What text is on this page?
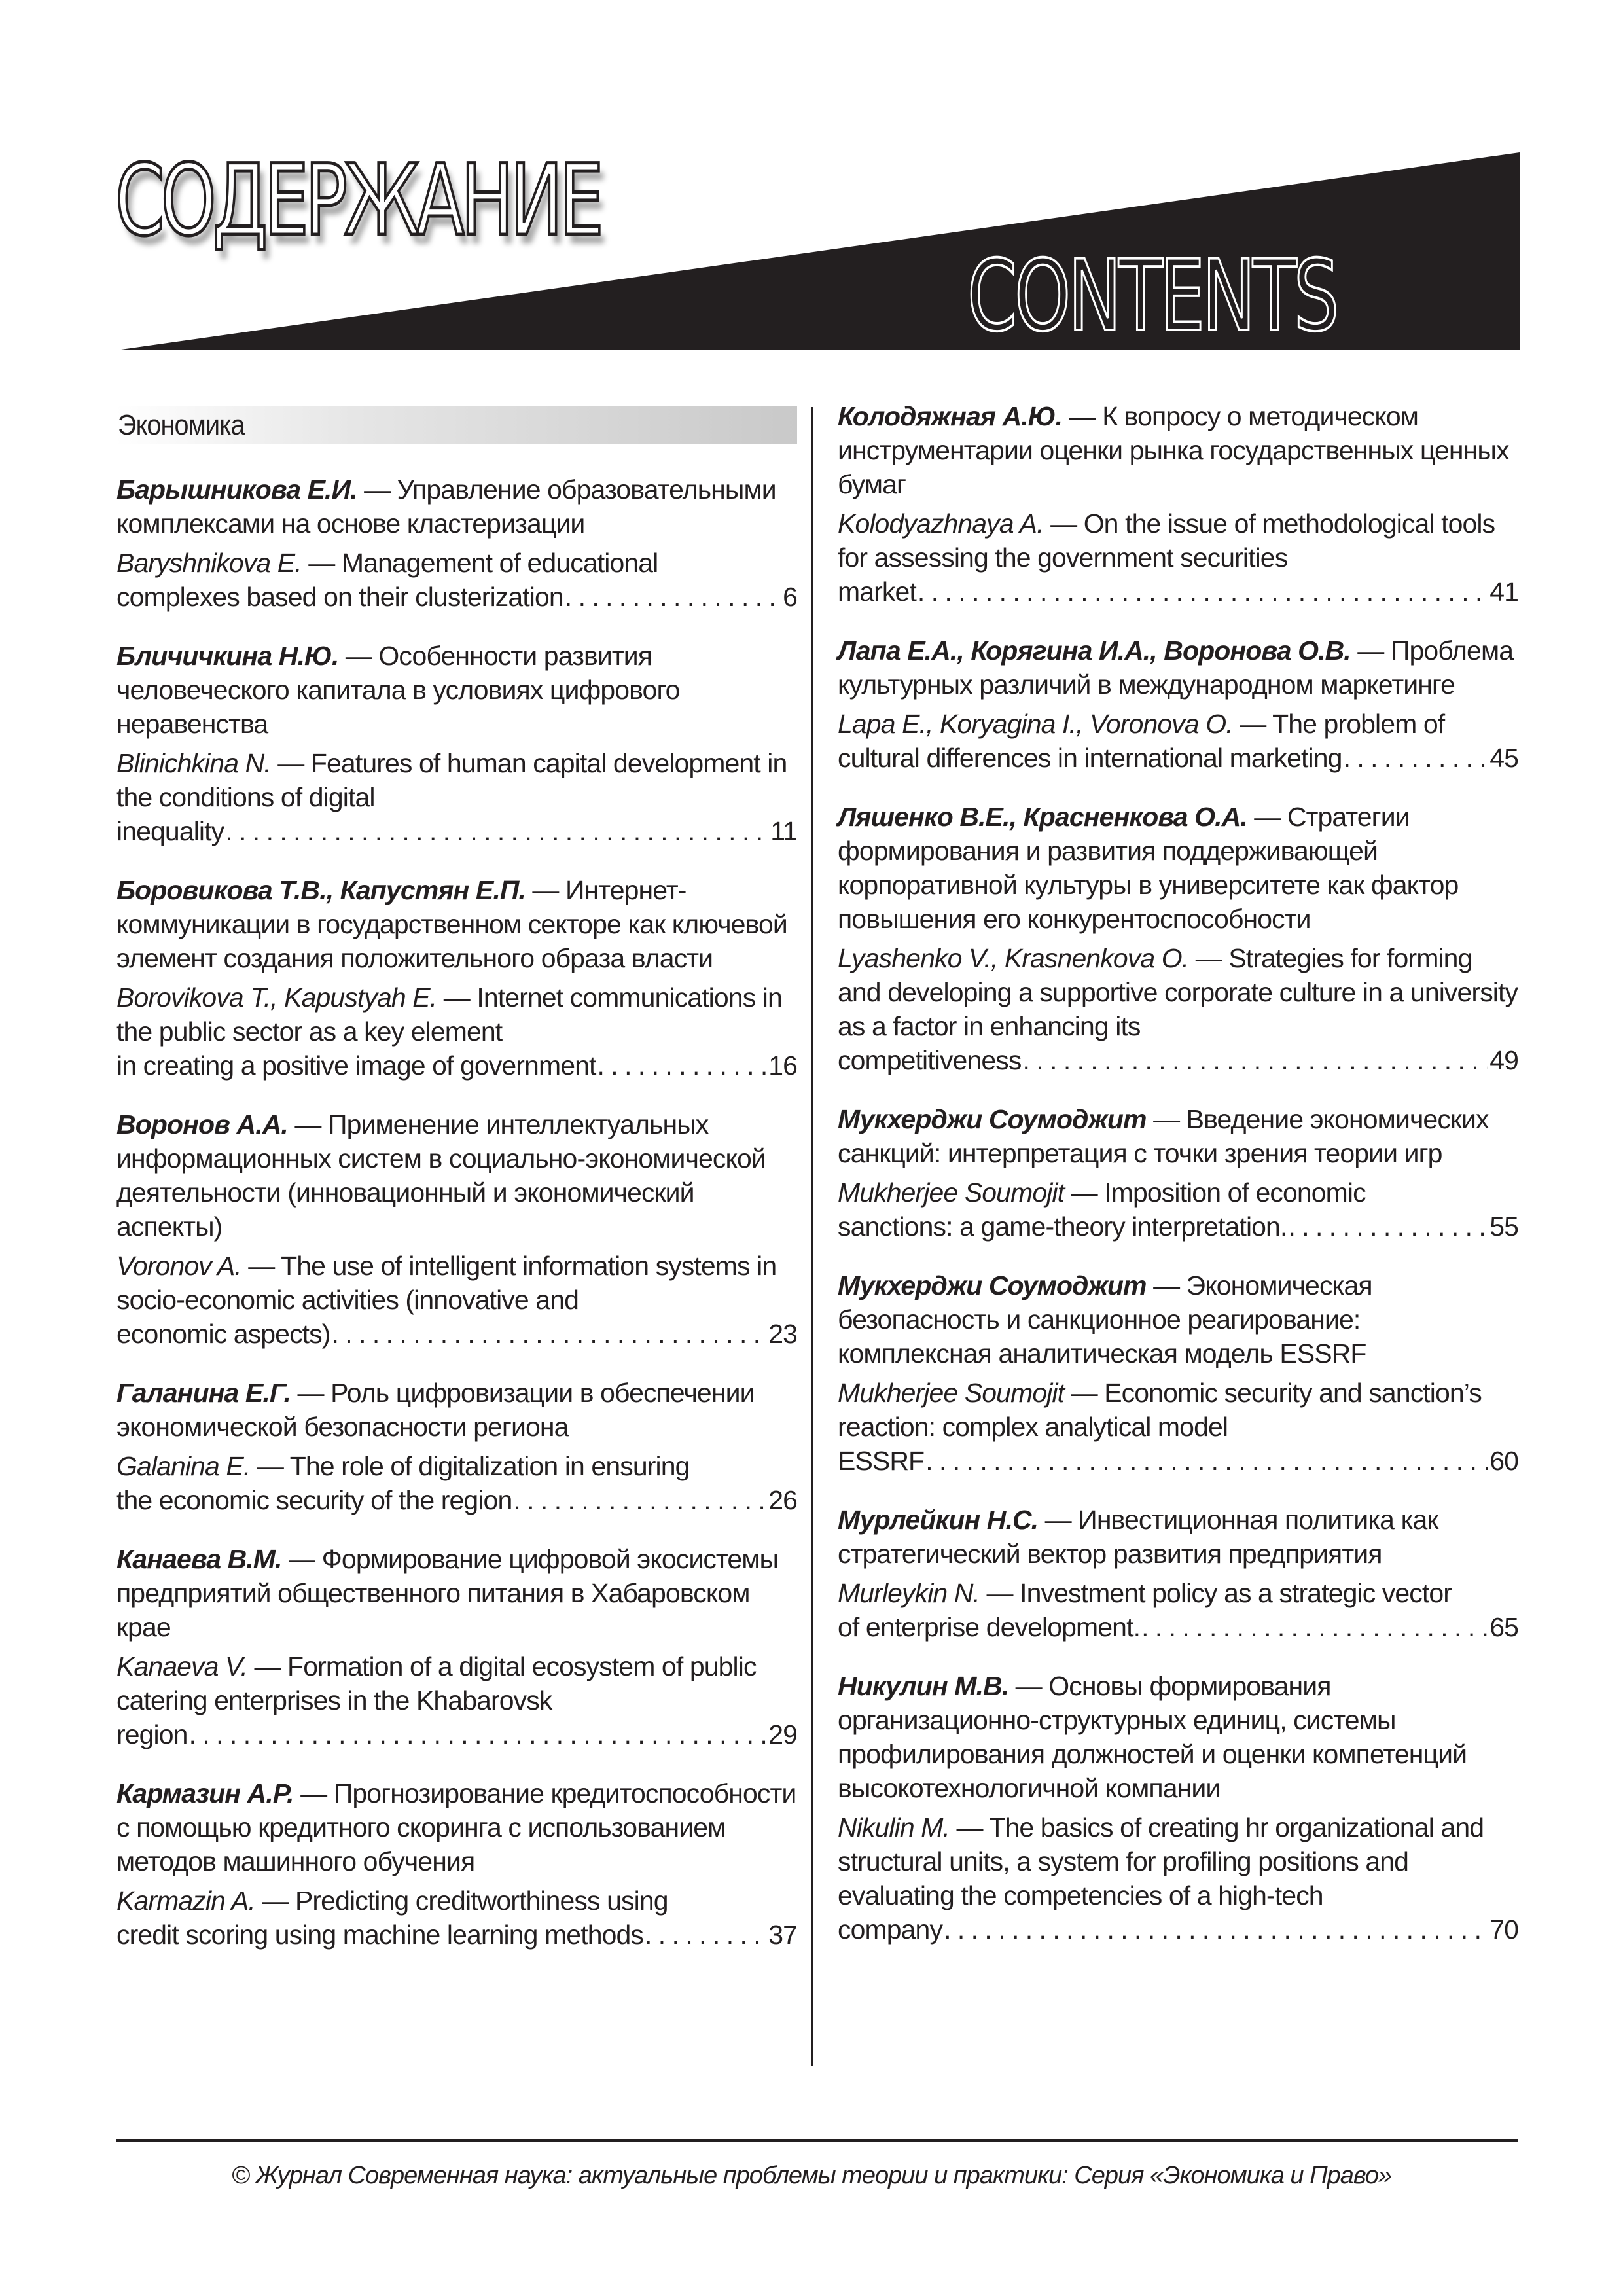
СОДЕРЖАНИЕ
CONTENTS
Экономика

Барышникова Е.И. — Управление образовательными комплексами на основе кластеризации

Baryshnikova E. — Management of educational

complexes based on their clusterization . . .	6

Бличичкина Н.Ю. — Особенности развития человеческого капитала в условиях цифрового неравенства

Blinichkina N. — Features of human capital development in the conditions of digital

inequality . . .	11

Боровикова Т.В., Капустян Е.П. — Интернет-коммуникации в государственном секторе как ключевой элемент создания положительного образа власти

Borovikova T., Kapustyah E. — Internet communications in the public sector as a key element

in creating a positive image of government . . .	16

Воронов А.А. — Применение интеллектуальных информационных систем в социально-экономической деятельности (инновационный и экономический аспекты)

Voronov A. — The use of intelligent information systems in socio-economic activities (innovative and

economic aspects) . . .	23

Галанина Е.Г. — Роль цифровизации в обеспечении экономической безопасности региона

Galanina E. — The role of digitalization in ensuring

the economic security of the region . . .	26

Канаева В.М. — Формирование цифровой экосистемы предприятий общественного питания в Хабаровском крае

Kanaeva V. — Formation of a digital ecosystem of public catering enterprises in the Khabarovsk

region . . .	29

Кармазин А.Р. — Прогнозирование кредитоспособности с помощью кредитного скоринга с использованием методов машинного обучения

Karmazin A. — Predicting creditworthiness using

credit scoring using machine learning methods . . .	37

Колодяжная А.Ю. — К вопросу о методическом инструментарии оценки рынка государственных ценных бумаг

Kolodyazhnaya A. — On the issue of methodological tools for assessing the government securities

market . . .	41

Лапа Е.А., Корягина И.А., Воронова О.В. — Проблема культурных различий в международном маркетинге

Lapa E., Koryagina I., Voronova O. — The problem of

cultural differences in international marketing . . .	45

Ляшенко В.Е., Красненкова О.А. — Стратегии формирования и развития поддерживающей корпоративной культуры в университете как фактор повышения его конкурентоспособности

Lyashenko V., Krasnenkova O. — Strategies for forming and developing a supportive corporate culture in a university as a factor in enhancing its

competitiveness . . .	49

Мукхерджи Соумоджит — Введение экономических санкций: интерпретация с точки зрения теории игр

Mukherjee Soumojit — Imposition of economic

sanctions: a game-theory interpretation. . . .	55

Мукхерджи Соумоджит — Экономическая безопасность и санкционное реагирование: комплексная аналитическая модель ESSRF

Mukherjee Soumojit — Economic security and sanction’s reaction: complex analytical model

ESSRF . . .	60

Мурлейкин Н.С. — Инвестиционная политика как стратегический вектор развития предприятия

Murleykin N. — Investment policy as a strategic vector

of enterprise development. . . .	65

Никулин М.В. — Основы формирования организационно-структурных единиц, системы профилирования должностей и оценки компетенций высокотехнологичной компании

Nikulin M. — The basics of creating hr organizational and structural units, a system for profiling positions and evaluating the competencies of a high-tech

company . . .	70
© Журнал Современная наука: актуальные проблемы теории и практики: Серия «Экономика и Право»
